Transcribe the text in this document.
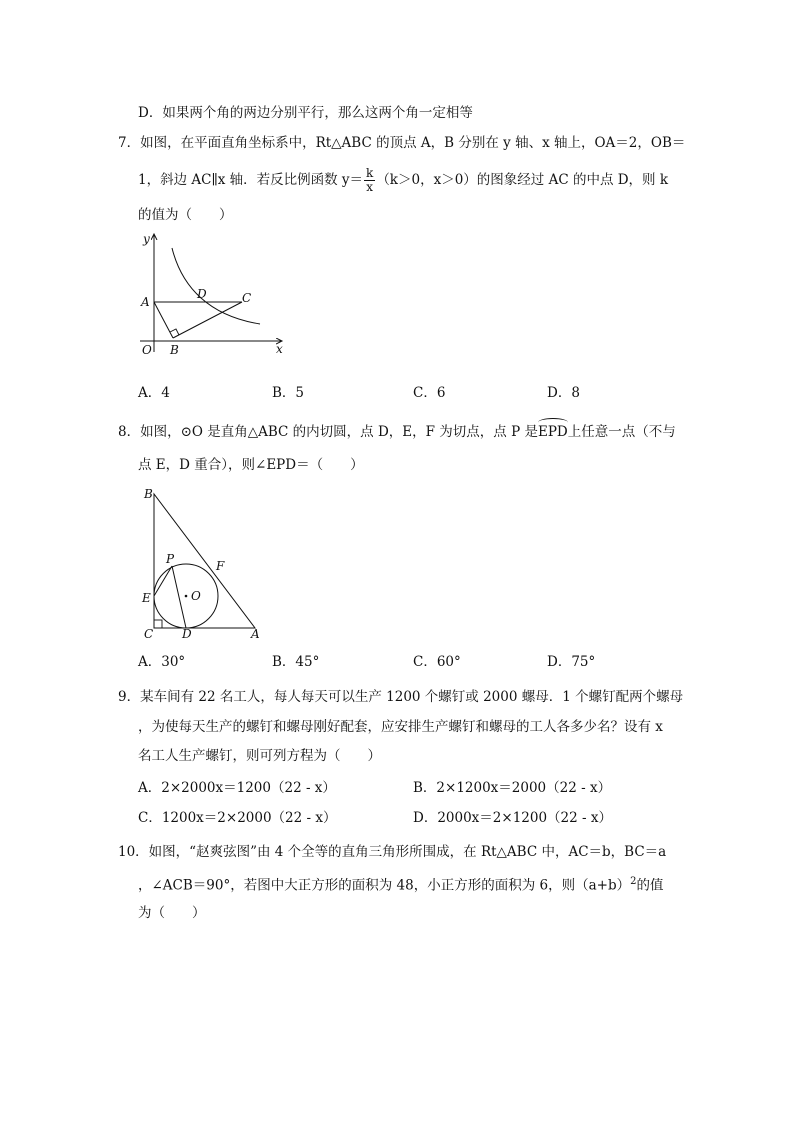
D．如果两个角的两边分别平行，那么这两个角一定相等
7．如图，在平面直角坐标系中，Rt△ABC 的顶点 A，B 分别在 y 轴、x 轴上，OA＝2，OB＝
1，斜边 AC∥x 轴．若反比例函数 $y= \frac{k}{x} (k>0$，x＞0）的图象经过 AC 的中点 D，则 k
的值为（　　）
y
x
A
D	C
O B
A．4	B．5	C．6	D．8
8．如图，⊙O 是直角△ABC 的内切圆，点 D，E，F 为切点，点 P 是EPD上任意一点（不与
点 E，D 重合），则∠EPD＝（　　）
B
P	F
E	O
C D	A
A．30°	B．45°	C．60°	D．75°
9．某车间有 22 名工人，每人每天可以生产 1200 个螺钉或 2000 螺母．1 个螺钉配两个螺母
，为使每天生产的螺钉和螺母刚好配套，应安排生产螺钉和螺母的工人各多少名？设有 x
名工人生产螺钉，则可列方程为（　　）
A．2×2000x＝1200（22 - x）	B．2×1200x＝2000（22 - x）
C．1200x＝2×2000（22 - x）	D．2000x＝2×1200（22 - x）
10．如图，“赵爽弦图”由 4 个全等的直角三角形所围成，在 Rt△ABC 中，AC＝b，BC＝a
，∠ACB＝90°，若图中大正方形的面积为 48，小正方形的面积为 6，则$(a+b)^2$的值
为（　　）
